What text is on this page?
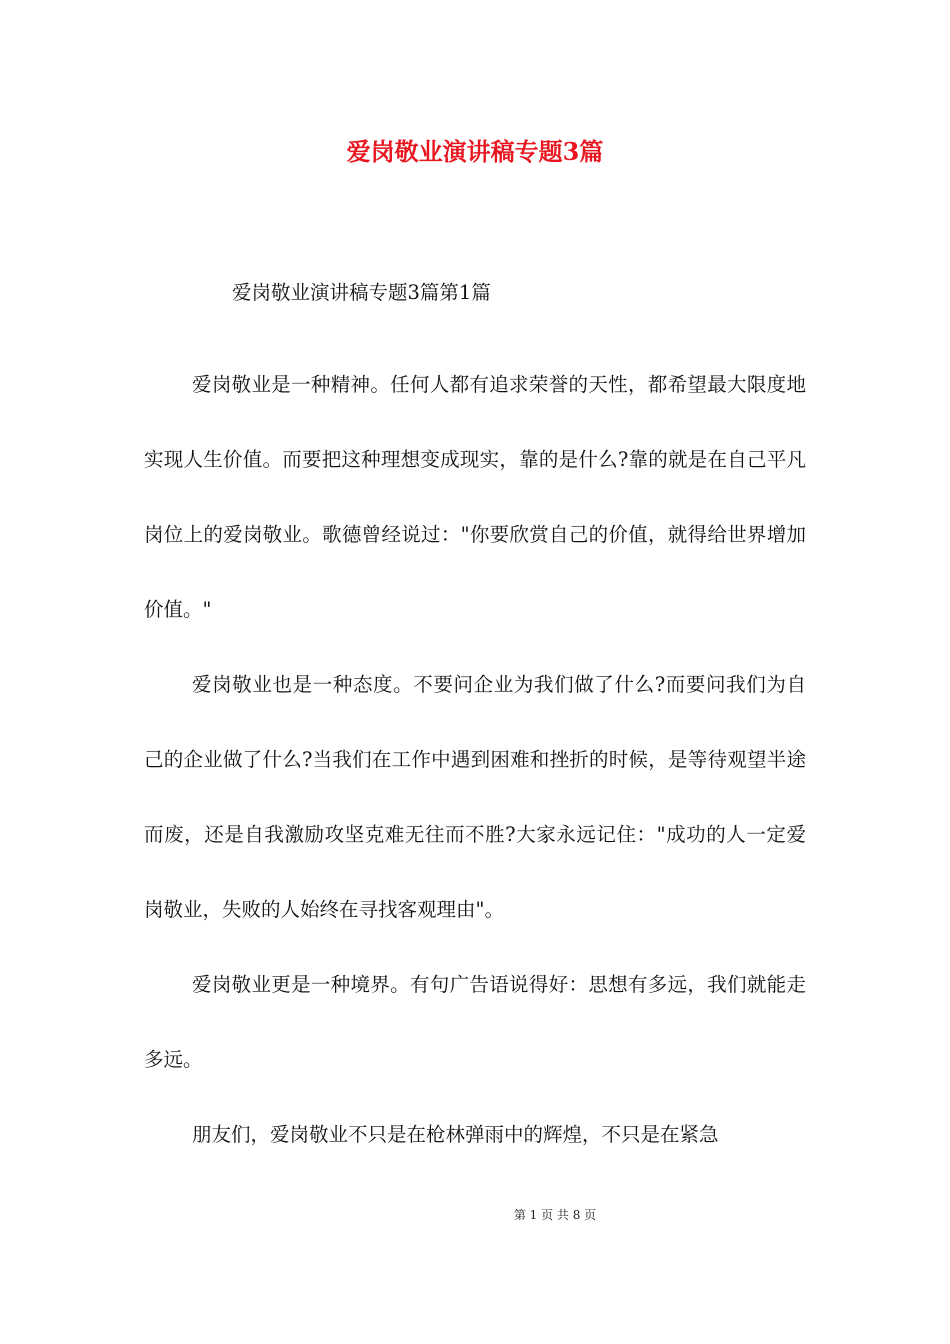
爱岗敬业演讲稿专题3篇

爱岗敬业演讲稿专题3篇第1篇

爱岗敬业是一种精神。任何人都有追求荣誉的天性，都希望最大限度地实现人生价值。而要把这种理想变成现实，靠的是什么?靠的就是在自己平凡岗位上的爱岗敬业。歌德曾经说过："你要欣赏自己的价值，就得给世界增加价值。"

爱岗敬业也是一种态度。不要问企业为我们做了什么?而要问我们为自己的企业做了什么?当我们在工作中遇到困难和挫折的时候，是等待观望半途而废，还是自我激励攻坚克难无往而不胜?大家永远记住："成功的人一定爱岗敬业，失败的人始终在寻找客观理由"。

爱岗敬业更是一种境界。有句广告语说得好：思想有多远，我们就能走多远。

朋友们，爱岗敬业不只是在枪林弹雨中的辉煌，不只是在紧急

第 1 页 共 8 页
